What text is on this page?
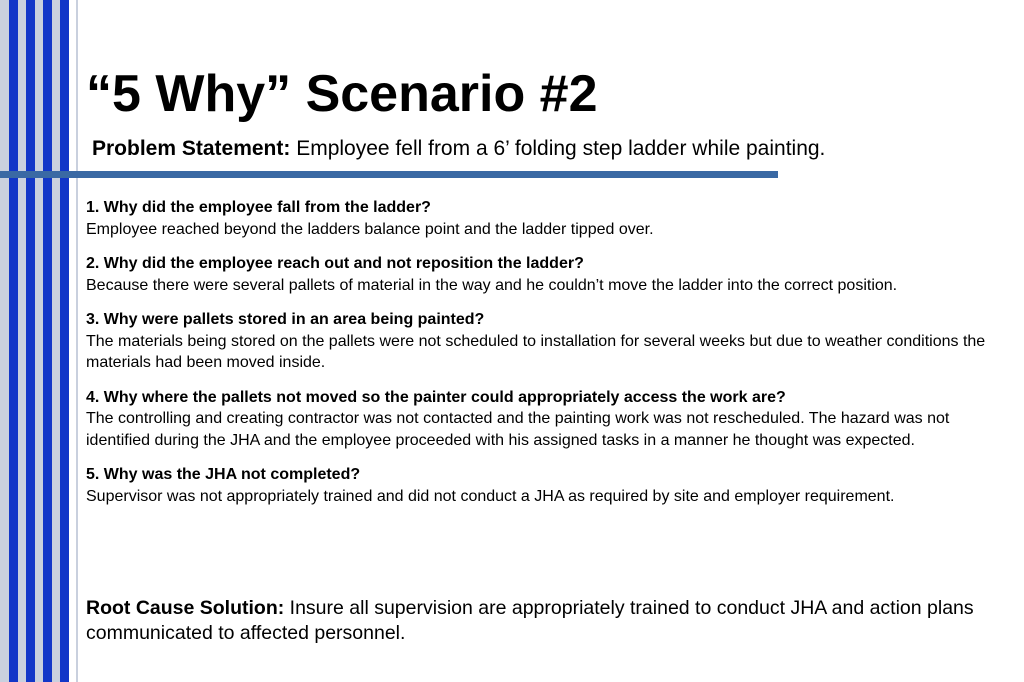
“5 Why” Scenario #2
Problem Statement: Employee fell from a 6’ folding step ladder while painting.
1. Why did the employee fall from the ladder?
Employee reached beyond the ladders balance point and the ladder tipped over.
2. Why did the employee reach out and not reposition the ladder?
Because there were several pallets of material in the way and he couldn’t move the ladder into the correct position.
3. Why were pallets stored in an area being painted?
The materials being stored on the pallets were not scheduled to installation for several weeks but due to weather conditions the materials had been moved inside.
4. Why where the pallets not moved so the painter could appropriately access the work are?
The controlling and creating contractor was not contacted and the painting work was not rescheduled. The hazard was not identified during the JHA and the employee proceeded with his assigned tasks in a manner he thought was expected.
5. Why was the JHA not completed?
Supervisor was not appropriately trained and did not conduct a JHA as required by site and employer requirement.
Root Cause Solution: Insure all supervision are appropriately trained to conduct JHA and action plans communicated to affected personnel.
